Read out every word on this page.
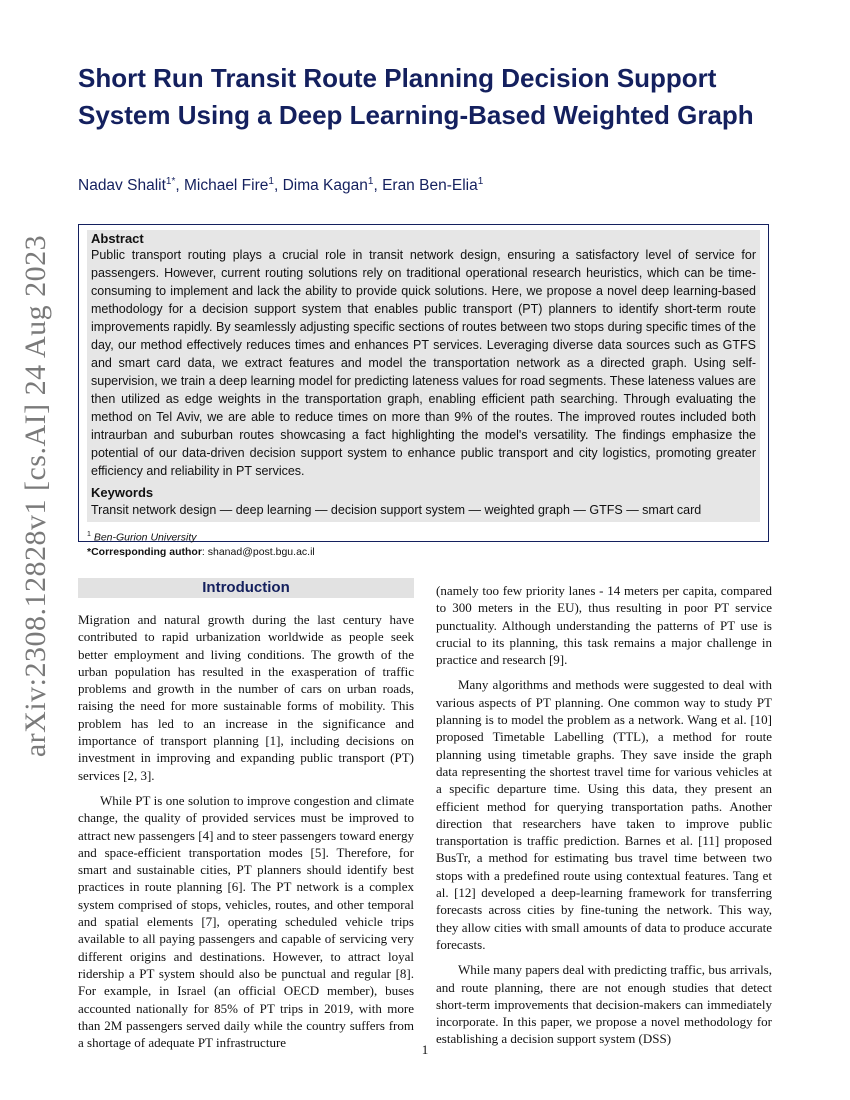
arXiv:2308.12828v1 [cs.AI] 24 Aug 2023
Short Run Transit Route Planning Decision Support System Using a Deep Learning-Based Weighted Graph

Nadav Shalit$^{1*}$, Michael Fire$^1$, Dima Kagan$^1$, Eran Ben-Elia$^1$

Abstract

Public transport routing plays a crucial role in transit network design, ensuring a satisfactory level of service for passengers. However, current routing solutions rely on traditional operational research heuristics, which can be time-consuming to implement and lack the ability to provide quick solutions. Here, we propose a novel deep learning-based methodology for a decision support system that enables public transport (PT) planners to identify short-term route improvements rapidly. By seamlessly adjusting specific sections of routes between two stops during specific times of the day, our method effectively reduces times and enhances PT services. Leveraging diverse data sources such as GTFS and smart card data, we extract features and model the transportation network as a directed graph. Using self-supervision, we train a deep learning model for predicting lateness values for road segments. These lateness values are then utilized as edge weights in the transportation graph, enabling efficient path searching. Through evaluating the method on Tel Aviv, we are able to reduce times on more than 9% of the routes. The improved routes included both intraurban and suburban routes showcasing a fact highlighting the model's versatility. The findings emphasize the potential of our data-driven decision support system to enhance public transport and city logistics, promoting greater efficiency and reliability in PT services.

Keywords

Transit network design — deep learning — decision support system — weighted graph — GTFS — smart card

$^1$ Ben-Gurion University
*Corresponding author: shanad@post.bgu.ac.il
Introduction

Migration and natural growth during the last century have contributed to rapid urbanization worldwide as people seek better employment and living conditions. The growth of the urban population has resulted in the exasperation of traffic problems and growth in the number of cars on urban roads, raising the need for more sustainable forms of mobility. This problem has led to an increase in the significance and importance of transport planning [1], including decisions on investment in improving and expanding public transport (PT) services [2, 3].

While PT is one solution to improve congestion and climate change, the quality of provided services must be improved to attract new passengers [4] and to steer passengers toward energy and space-efficient transportation modes [5]. Therefore, for smart and sustainable cities, PT planners should identify best practices in route planning [6]. The PT network is a complex system comprised of stops, vehicles, routes, and other temporal and spatial elements [7], operating scheduled vehicle trips available to all paying passengers and capable of servicing very different origins and destinations. However, to attract loyal ridership a PT system should also be punctual and regular [8]. For example, in Israel (an official OECD member), buses accounted nationally for 85% of PT trips in 2019, with more than 2M passengers served daily while the country suffers from a shortage of adequate PT infrastructure

(namely too few priority lanes - 14 meters per capita, compared to 300 meters in the EU), thus resulting in poor PT service punctuality. Although understanding the patterns of PT use is crucial to its planning, this task remains a major challenge in practice and research [9].

Many algorithms and methods were suggested to deal with various aspects of PT planning. One common way to study PT planning is to model the problem as a network. Wang et al. [10] proposed Timetable Labelling (TTL), a method for route planning using timetable graphs. They save inside the graph data representing the shortest travel time for various vehicles at a specific departure time. Using this data, they present an efficient method for querying transportation paths. Another direction that researchers have taken to improve public transportation is traffic prediction. Barnes et al. [11] proposed BusTr, a method for estimating bus travel time between two stops with a predefined route using contextual features. Tang et al. [12] developed a deep-learning framework for transferring forecasts across cities by fine-tuning the network. This way, they allow cities with small amounts of data to produce accurate forecasts.

While many papers deal with predicting traffic, bus arrivals, and route planning, there are not enough studies that detect short-term improvements that decision-makers can immediately incorporate. In this paper, we propose a novel methodology for establishing a decision support system (DSS)

1
